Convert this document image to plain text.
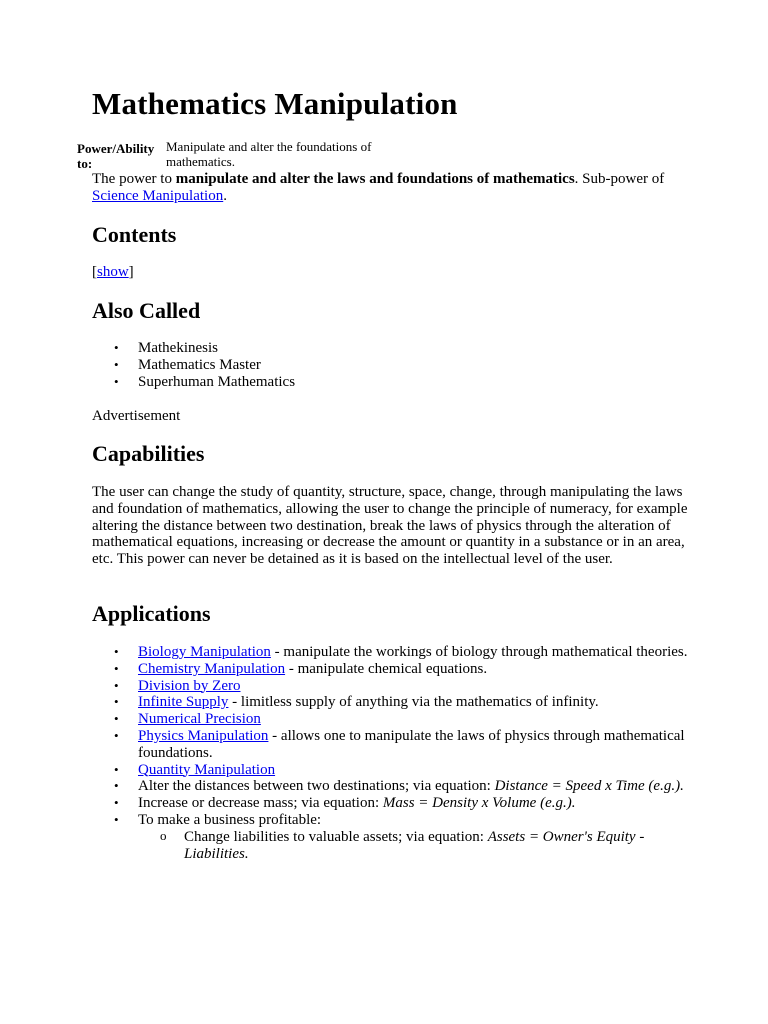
Mathematics Manipulation
Power/Ability to:
Manipulate and alter the foundations of mathematics.

The power to manipulate and alter the laws and foundations of mathematics. Sub-power of Science Manipulation.

Contents

[show]

Also Called
• Mathekinesis
• Mathematics Master
• Superhuman Mathematics

Advertisement

Capabilities

The user can change the study of quantity, structure, space, change, through manipulating the laws and foundation of mathematics, allowing the user to change the principle of numeracy, for example altering the distance between two destination, break the laws of physics through the alteration of mathematical equations, increasing or decrease the amount or quantity in a substance or in an area, etc. This power can never be detained as it is based on the intellectual level of the user.

Applications
• Biology Manipulation - manipulate the workings of biology through mathematical theories.
• Chemistry Manipulation - manipulate chemical equations.
• Division by Zero
• Infinite Supply - limitless supply of anything via the mathematics of infinity.
• Numerical Precision
• Physics Manipulation - allows one to manipulate the laws of physics through mathematical foundations.
• Quantity Manipulation
• Alter the distances between two destinations; via equation: Distance = Speed x Time (e.g.).
• Increase or decrease mass; via equation: Mass = Density x Volume (e.g.).
• To make a business profitable:
o Change liabilities to valuable assets; via equation: Assets = Owner's Equity - Liabilities.
